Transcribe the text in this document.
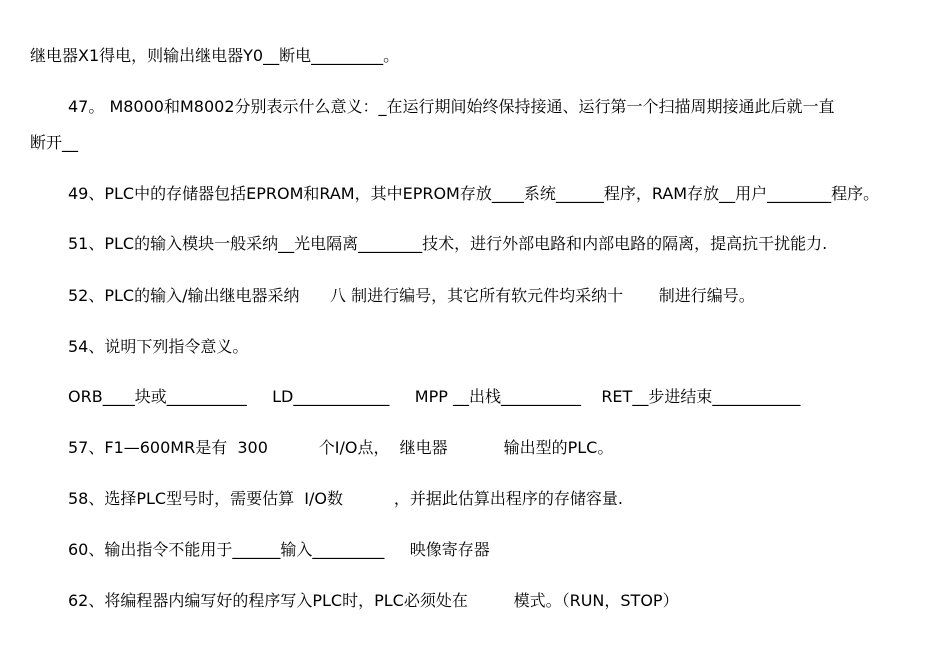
继电器X1得电，则输出继电器Y0__断电_________。
47。 M8000和M8002分别表示什么意义：_在运行期间始终保持接通、运行第一个扫描周期接通此后就一直
断开__
49、PLC中的存储器包括EPROM和RAM，其中EPROM存放____系统______程序，RAM存放__用户________程序。
51、PLC的输入模块一般采纳__光电隔离________技术，进行外部电路和内部电路的隔离，提高抗干扰能力.
52、PLC的输入/输出继电器采纳      八 制进行编号，其它所有软元件均采纳十       制进行编号。
54、说明下列指令意义。
ORB____块或__________     LD____________     MPP __出栈__________    RET__步进结束___________
57、F1—600MR是有  300          个I/O点，  继电器           输出型的PLC。
58、选择PLC型号时，需要估算  I/O数          ，并据此估算出程序的存储容量.
60、输出指令不能用于______输入_________     映像寄存器
62、将编程器内编写好的程序写入PLC时，PLC必须处在         模式。（RUN，STOP）
